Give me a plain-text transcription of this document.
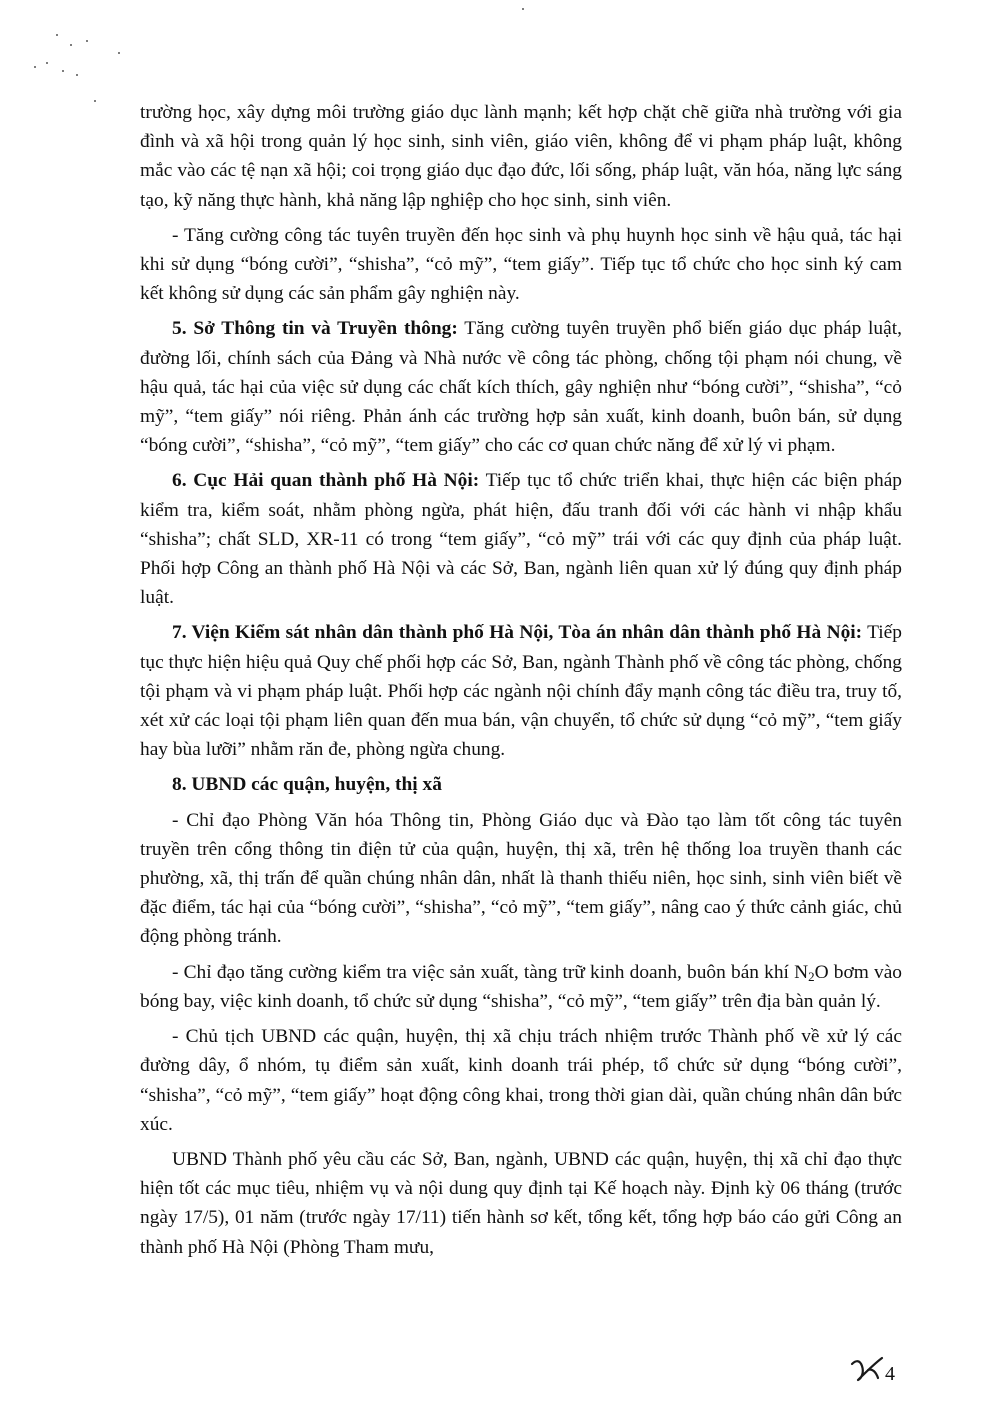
trường học, xây dựng môi trường giáo dục lành mạnh; kết hợp chặt chẽ giữa nhà trường với gia đình và xã hội trong quản lý học sinh, sinh viên, giáo viên, không để vi phạm pháp luật, không mắc vào các tệ nạn xã hội; coi trọng giáo dục đạo đức, lối sống, pháp luật, văn hóa, năng lực sáng tạo, kỹ năng thực hành, khả năng lập nghiệp cho học sinh, sinh viên.

- Tăng cường công tác tuyên truyền đến học sinh và phụ huynh học sinh về hậu quả, tác hại khi sử dụng “bóng cười”, “shisha”, “cỏ mỹ”, “tem giấy”. Tiếp tục tổ chức cho học sinh ký cam kết không sử dụng các sản phẩm gây nghiện này.

5. Sở Thông tin và Truyền thông: Tăng cường tuyên truyền phổ biến giáo dục pháp luật, đường lối, chính sách của Đảng và Nhà nước về công tác phòng, chống tội phạm nói chung, về hậu quả, tác hại của việc sử dụng các chất kích thích, gây nghiện như “bóng cười”, “shisha”, “cỏ mỹ”, “tem giấy” nói riêng. Phản ánh các trường hợp sản xuất, kinh doanh, buôn bán, sử dụng “bóng cười”, “shisha”, “cỏ mỹ”, “tem giấy” cho các cơ quan chức năng để xử lý vi phạm.

6. Cục Hải quan thành phố Hà Nội: Tiếp tục tổ chức triển khai, thực hiện các biện pháp kiểm tra, kiểm soát, nhằm phòng ngừa, phát hiện, đấu tranh đối với các hành vi nhập khẩu “shisha”; chất SLD, XR-11 có trong “tem giấy”, “cỏ mỹ” trái với các quy định của pháp luật. Phối hợp Công an thành phố Hà Nội và các Sở, Ban, ngành liên quan xử lý đúng quy định pháp luật.

7. Viện Kiểm sát nhân dân thành phố Hà Nội, Tòa án nhân dân thành phố Hà Nội: Tiếp tục thực hiện hiệu quả Quy chế phối hợp các Sở, Ban, ngành Thành phố về công tác phòng, chống tội phạm và vi phạm pháp luật. Phối hợp các ngành nội chính đẩy mạnh công tác điều tra, truy tố, xét xử các loại tội phạm liên quan đến mua bán, vận chuyển, tổ chức sử dụng “cỏ mỹ”, “tem giấy hay bùa lưỡi” nhằm răn đe, phòng ngừa chung.

8. UBND các quận, huyện, thị xã

- Chỉ đạo Phòng Văn hóa Thông tin, Phòng Giáo dục và Đào tạo làm tốt công tác tuyên truyền trên cổng thông tin điện tử của quận, huyện, thị xã, trên hệ thống loa truyền thanh các phường, xã, thị trấn để quần chúng nhân dân, nhất là thanh thiếu niên, học sinh, sinh viên biết về đặc điểm, tác hại của “bóng cười”, “shisha”, “cỏ mỹ”, “tem giấy”, nâng cao ý thức cảnh giác, chủ động phòng tránh.

- Chỉ đạo tăng cường kiểm tra việc sản xuất, tàng trữ kinh doanh, buôn bán khí $N_2O$ bơm vào bóng bay, việc kinh doanh, tổ chức sử dụng “shisha”, “cỏ mỹ”, “tem giấy” trên địa bàn quản lý.

- Chủ tịch UBND các quận, huyện, thị xã chịu trách nhiệm trước Thành phố về xử lý các đường dây, ổ nhóm, tụ điểm sản xuất, kinh doanh trái phép, tổ chức sử dụng “bóng cười”, “shisha”, “cỏ mỹ”, “tem giấy” hoạt động công khai, trong thời gian dài, quần chúng nhân dân bức xúc.

UBND Thành phố yêu cầu các Sở, Ban, ngành, UBND các quận, huyện, thị xã chỉ đạo thực hiện tốt các mục tiêu, nhiệm vụ và nội dung quy định tại Kế hoạch này. Định kỳ 06 tháng (trước ngày 17/5), 01 năm (trước ngày 17/11) tiến hành sơ kết, tổng kết, tổng hợp báo cáo gửi Công an thành phố Hà Nội (Phòng Tham mưu,

4
